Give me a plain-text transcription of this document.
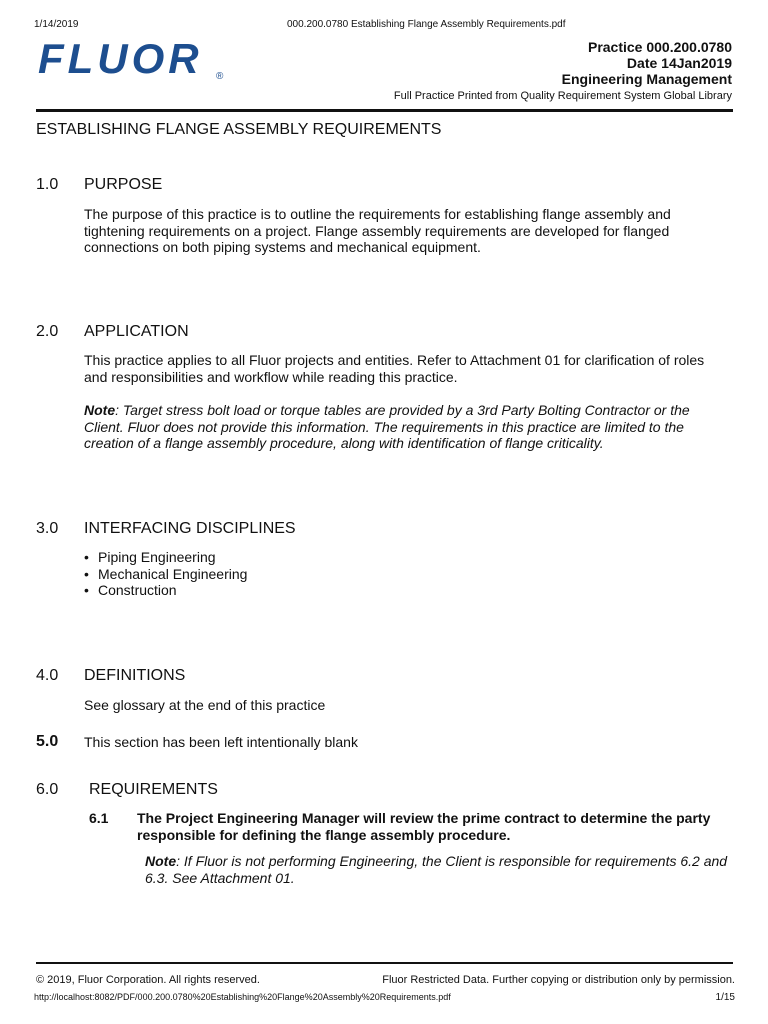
1/14/2019	000.200.0780 Establishing Flange Assembly Requirements.pdf
FLUOR ®
Practice 000.200.0780
Date 14Jan2019
Engineering Management
Full Practice Printed from Quality Requirement System Global Library
ESTABLISHING FLANGE ASSEMBLY REQUIREMENTS
1.0 PURPOSE
The purpose of this practice is to outline the requirements for establishing flange assembly and tightening requirements on a project. Flange assembly requirements are developed for flanged connections on both piping systems and mechanical equipment.
2.0 APPLICATION
This practice applies to all Fluor projects and entities. Refer to Attachment 01 for clarification of roles and responsibilities and workflow while reading this practice.
Note: Target stress bolt load or torque tables are provided by a 3rd Party Bolting Contractor or the Client. Fluor does not provide this information. The requirements in this practice are limited to the creation of a flange assembly procedure, along with identification of flange criticality.
3.0 INTERFACING DISCIPLINES
• Piping Engineering
• Mechanical Engineering
• Construction
4.0 DEFINITIONS
See glossary at the end of this practice
5.0 This section has been left intentionally blank
6.0 REQUIREMENTS
6.1 The Project Engineering Manager will review the prime contract to determine the party responsible for defining the flange assembly procedure.
Note: If Fluor is not performing Engineering, the Client is responsible for requirements 6.2 and 6.3. See Attachment 01.
© 2019, Fluor Corporation. All rights reserved.	Fluor Restricted Data. Further copying or distribution only by permission.
http://localhost:8082/PDF/000.200.0780%20Establishing%20Flange%20Assembly%20Requirements.pdf	1/15
